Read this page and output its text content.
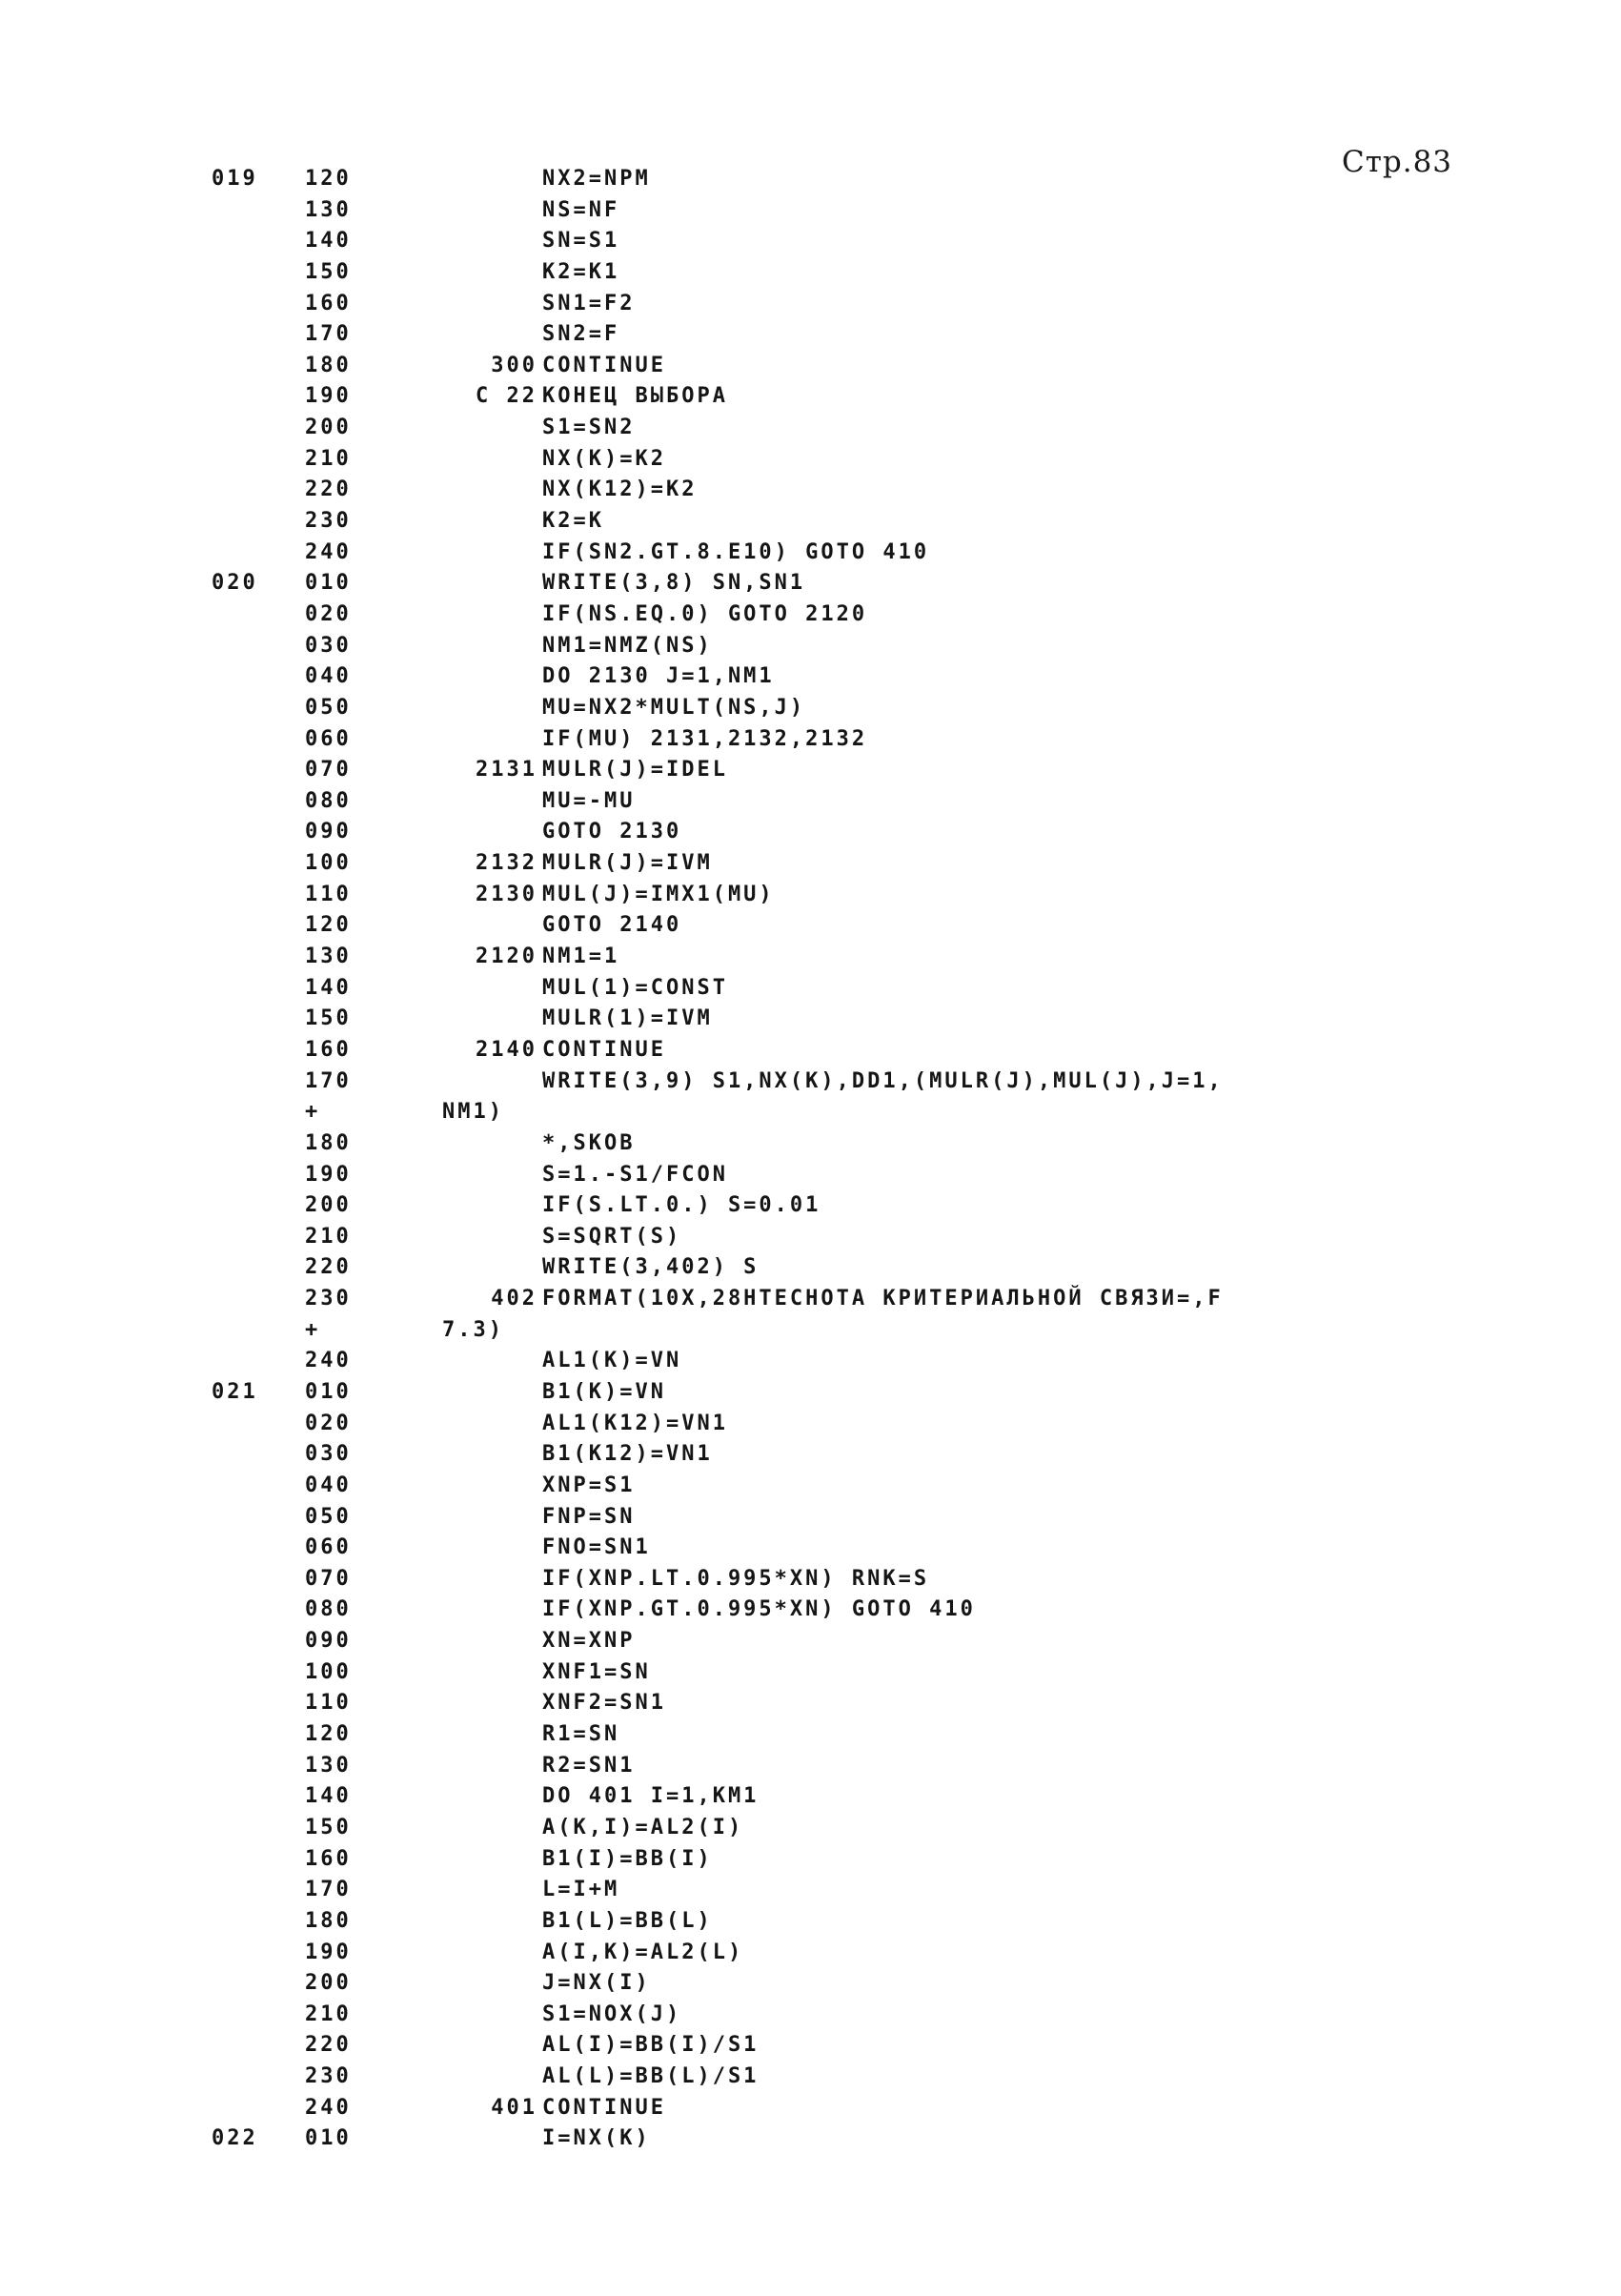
Стр.83
019	120	NX2=NPM
130	NS=NF
140	SN=S1
150	K2=K1
160	SN1=F2
170	SN2=F
180	300 CONTINUE
190	C 22 КОНЕЦ ВЫБОРА
200	S1=SN2
210	NX(K)=K2
220	NX(K12)=K2
230	K2=K
240	IF(SN2.GT.8.E10) GOTO 410
020	010	WRITE(3,8) SN,SN1
020	IF(NS.EQ.0) GOTO 2120
030	NM1=NMZ(NS)
040	DO 2130 J=1,NM1
050	MU=NX2*MULT(NS,J)
060	IF(MU) 2131,2132,2132
070	2131 MULR(J)=IDEL
080	MU=-MU
090	GOTO 2130
100	2132 MULR(J)=IVM
110	2130 MUL(J)=IMX1(MU)
120	GOTO 2140
130	2120 NM1=1
140	MUL(1)=CONST
150	MULR(1)=IVM
160	2140 CONTINUE
170	WRITE(3,9) S1,NX(K),DD1,(MULR(J),MUL(J),J=1,
+	NM1)
180	*,SKOB
190	S=1.-S1/FCON
200	IF(S.LT.0.) S=0.01
210	S=SQRT(S)
220	WRITE(3,402) S
230	402 FORMAT(10X,28HTECHOTA КРИТЕРИАЛЬНОЙ СВЯЗИ=,F
+	7.3)
240	AL1(K)=VN
021	010	B1(K)=VN
020	AL1(K12)=VN1
030	B1(K12)=VN1
040	XNP=S1
050	FNP=SN
060	FNO=SN1
070	IF(XNP.LT.0.995*XN) RNK=S
080	IF(XNP.GT.0.995*XN) GOTO 410
090	XN=XNP
100	XNF1=SN
110	XNF2=SN1
120	R1=SN
130	R2=SN1
140	DO 401 I=1,KM1
150	A(K,I)=AL2(I)
160	B1(I)=BB(I)
170	L=I+M
180	B1(L)=BB(L)
190	A(I,K)=AL2(L)
200	J=NX(I)
210	S1=NOX(J)
220	AL(I)=BB(I)/S1
230	AL(L)=BB(L)/S1
240	401 CONTINUE
022	010	I=NX(K)
